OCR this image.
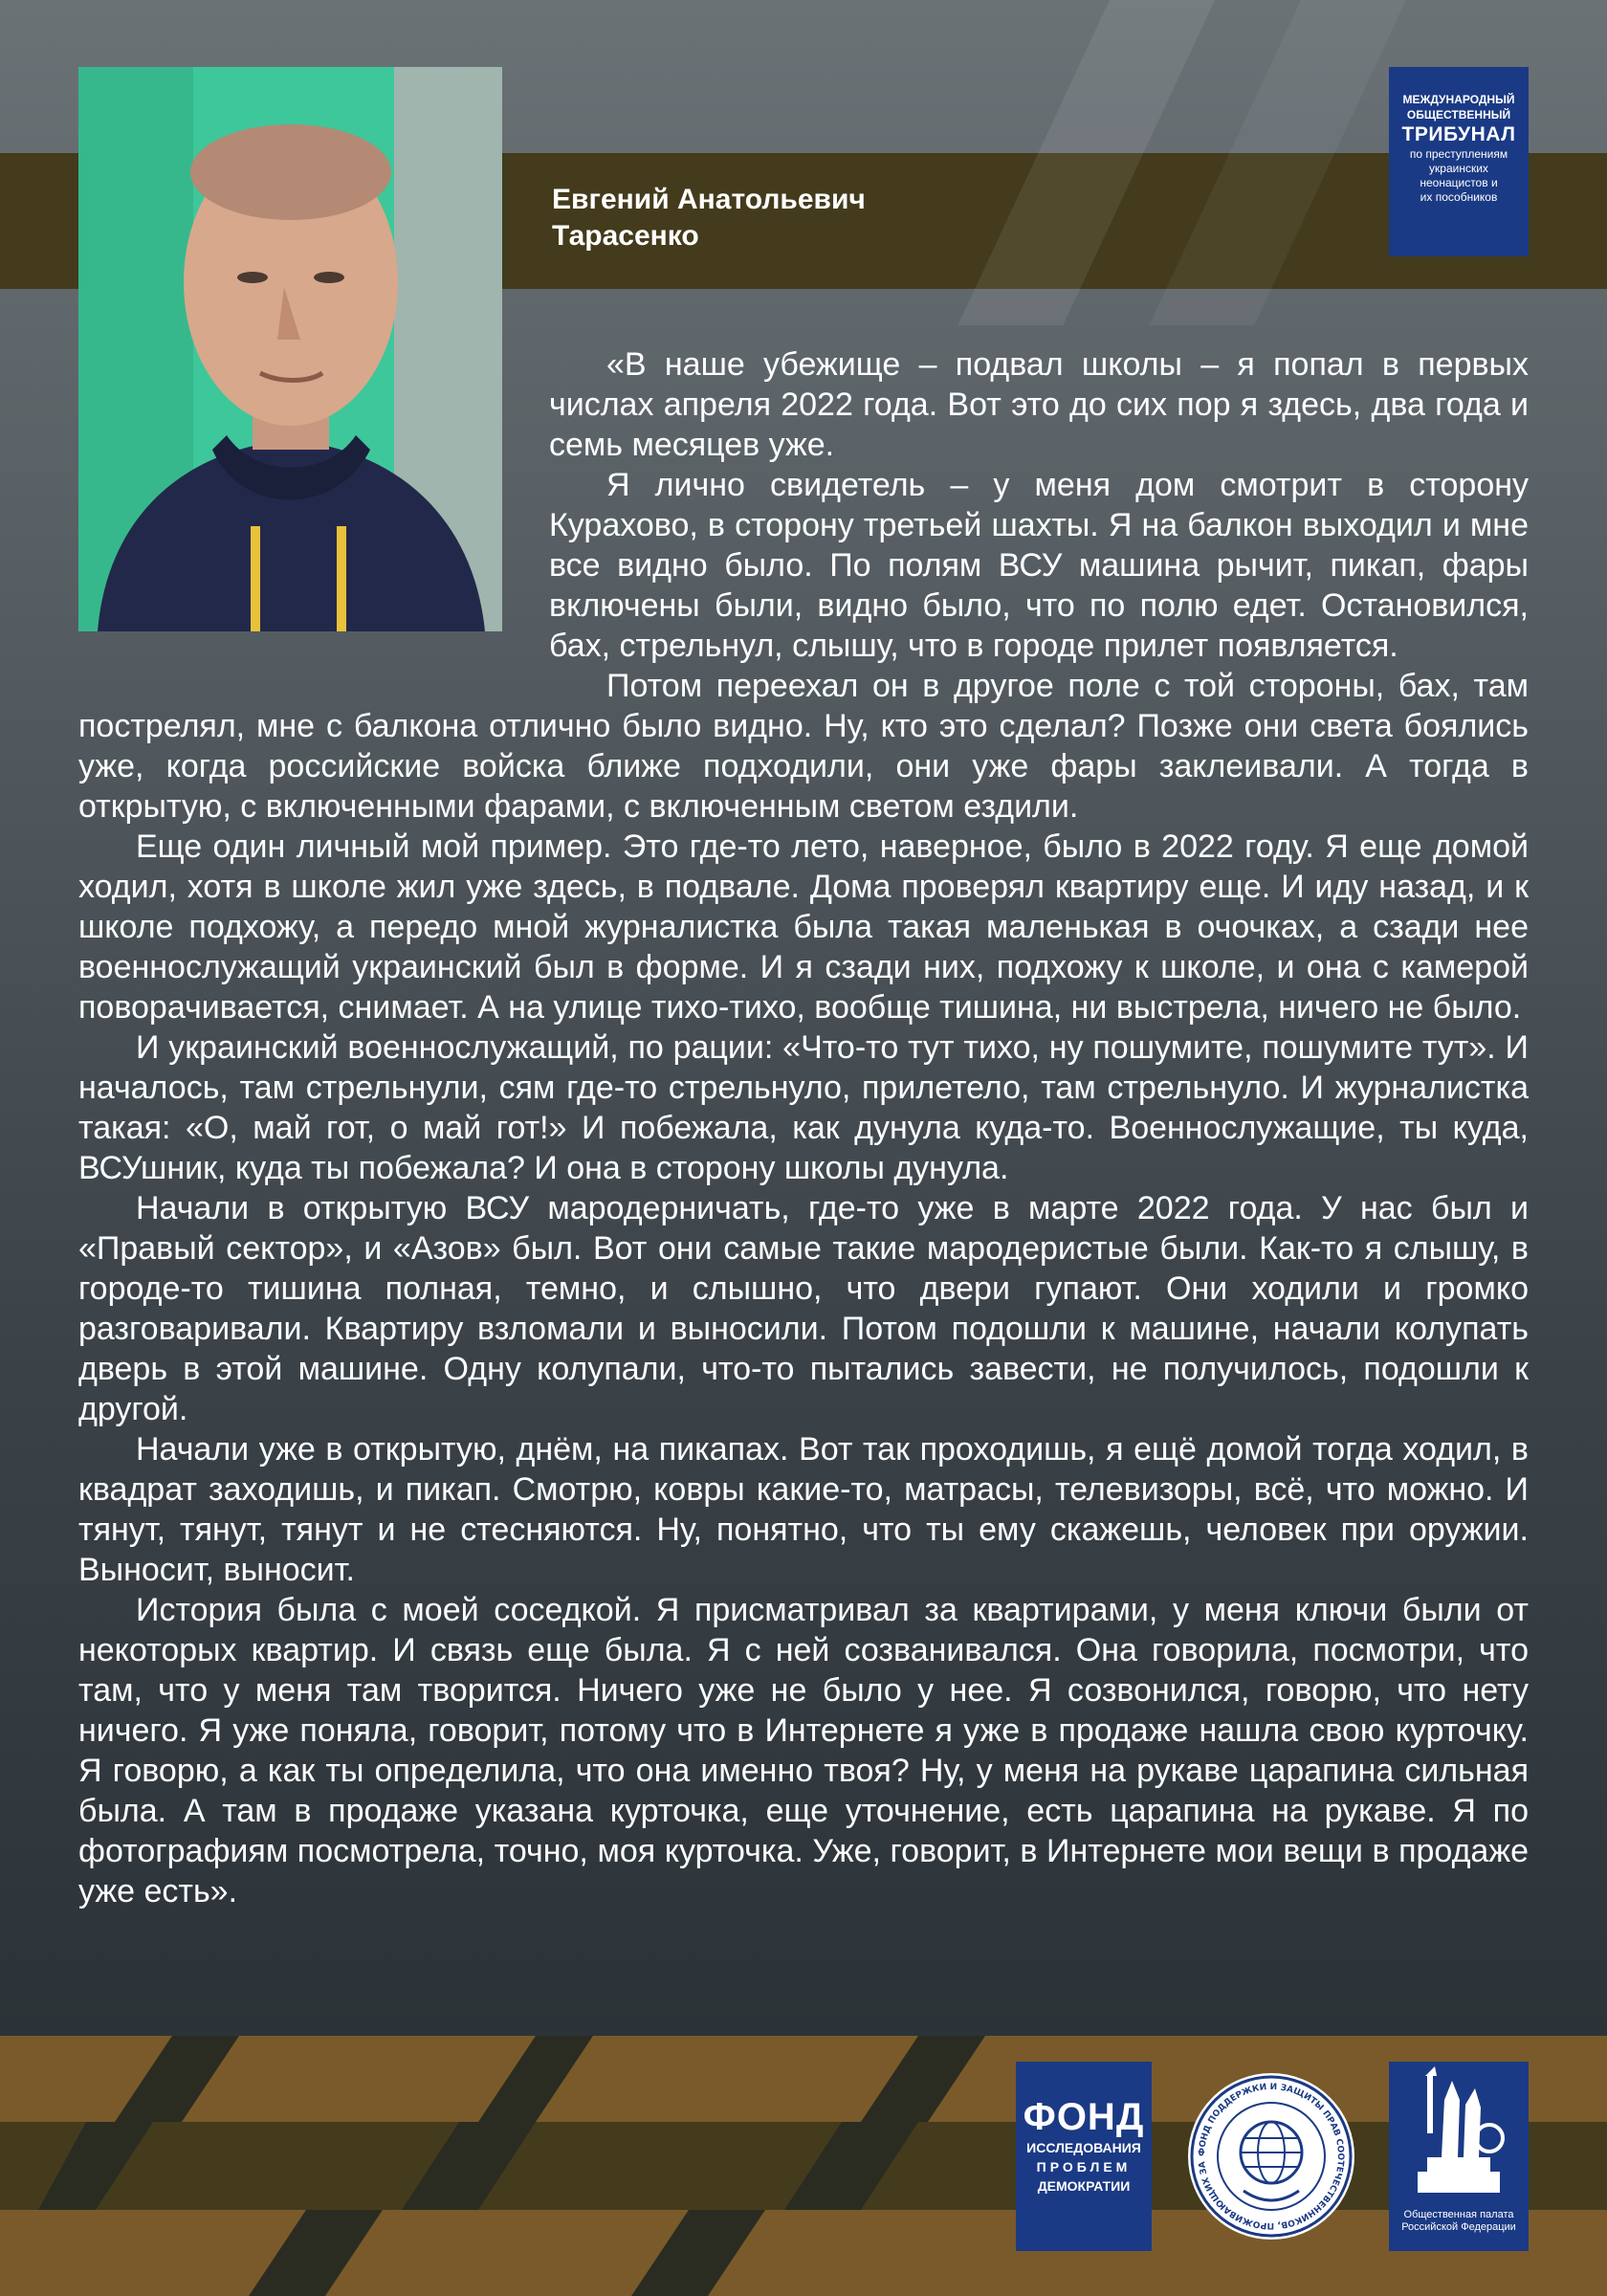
Евгений Анатольевич
Тарасенко
МЕЖДУНАРОДНЫЙ
ОБЩЕСТВЕННЫЙ
ТРИБУНАЛ
по преступлениям
украинских
неонацистов и
их пособников

«В наше убежище – подвал школы – я попал в первых числах апреля 2022 года. Вот это до сих пор я здесь, два года и семь месяцев уже.

Я лично свидетель – у меня дом смотрит в сторону Курахово, в сторону третьей шахты. Я на балкон выходил и мне все видно было. По полям ВСУ машина рычит, пикап, фары включены были, видно было, что по полю едет. Остановился, бах, стрельнул, слышу, что в городе прилет появляется.

Потом переехал он в другое поле с той стороны, бах, там пострелял, мне с балкона отлично было видно. Ну, кто это сделал? Позже они света боялись уже, когда российские войска ближе подходили, они уже фары заклеивали. А тогда в открытую, с включенными фарами, с включенным светом ездили.

Еще один личный мой пример. Это где-то лето, наверное, было в 2022 году. Я еще домой ходил, хотя в школе жил уже здесь, в подвале. Дома проверял квартиру еще. И иду назад, и к школе подхожу, а передо мной журналистка была такая маленькая в очочках, а сзади нее военнослужащий украинский был в форме. И я сзади них, подхожу к школе, и она с камерой поворачивается, снимает. А на улице тихо-тихо, вообще тишина, ни выстрела, ничего не было.

И украинский военнослужащий, по рации: «Что-то тут тихо, ну пошумите, пошумите тут». И началось, там стрельнули, сям где-то стрельнуло, прилетело, там стрельнуло. И журналистка такая: «О, май гот, о май гот!» И побежала, как дунула куда-то. Военнослужащие, ты куда, ВСУшник, куда ты побежала? И она в сторону школы дунула.

Начали в открытую ВСУ мародерничать, где-то уже в марте 2022 года. У нас был и «Правый сектор», и «Азов» был. Вот они самые такие мародеристые были. Как-то я слышу, в городе-то тишина полная, темно, и слышно, что двери гупают. Они ходили и громко разговаривали. Квартиру взломали и выносили. Потом подошли к машине, начали колупать дверь в этой машине. Одну колупали, что-то пытались завести, не получилось, подошли к другой.

Начали уже в открытую, днём, на пикапах. Вот так проходишь, я ещё домой тогда ходил, в квадрат заходишь, и пикап. Смотрю, ковры какие-то, матрасы, телевизоры, всё, что можно. И тянут, тянут, тянут и не стесняются. Ну, понятно, что ты ему скажешь, человек при оружии. Выносит, выносит.

История была с моей соседкой. Я присматривал за квартирами, у меня ключи были от некоторых квартир. И связь еще была. Я с ней созванивался. Она говорила, посмотри, что там, что у меня там творится. Ничего уже не было у нее. Я созвонился, говорю, что нету ничего. Я уже поняла, говорит, потому что в Интернете я уже в продаже нашла свою курточку. Я говорю, а как ты определила, что она именно твоя? Ну, у меня на рукаве царапина сильная была. А там в продаже указана курточка, еще уточнение, есть царапина на рукаве. Я по фотографиям посмотрела, точно, моя курточка. Уже, говорит, в Интернете мои вещи в продаже уже есть».

ФОНД
ИССЛЕДОВАНИЯ
ПРОБЛЕМ
ДЕМОКРАТИИ
ФОНД ПОДДЕРЖКИ И ЗАЩИТЫ ПРАВ СООТЕЧЕСТВЕННИКОВ, ПРОЖИВАЮЩИХ ЗА
Общественная палата Российской Федерации
